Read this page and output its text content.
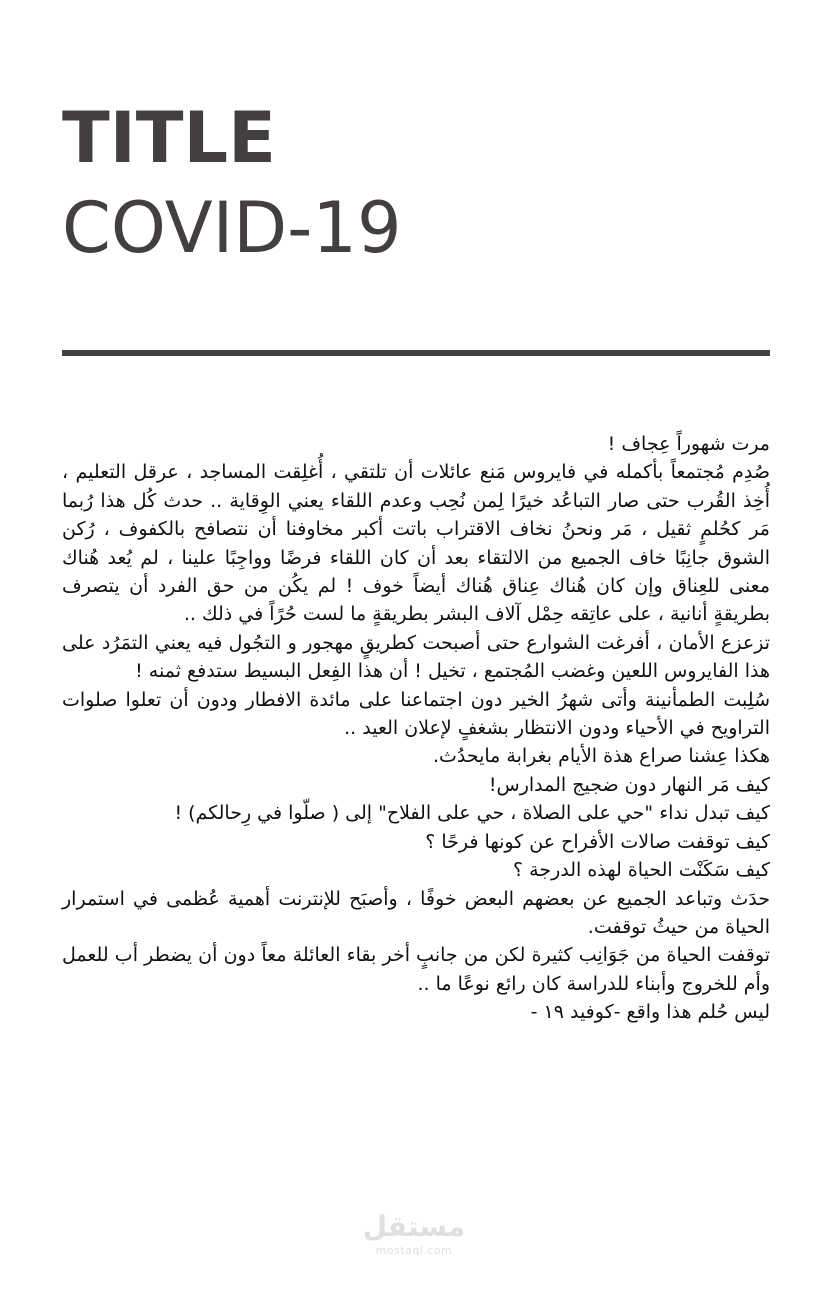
TITLE
COVID-19

مرت شهوراً عِجاف !

صُدِم مُجتمعاً بأكمله في فايروس مَنع عائلات أن تلتقي ، أُغلِقت المساجد ، عرقل التعليم ، أُخِذ القُرب حتى صار التباعُد خيرًا لِمن نُحِب وعدم اللقاء يعني الوِقاية .. حدث كُل هذا رُبما مَر كحُلمٍ ثقيل ، مَر ونحنُ نخاف الاقتراب باتت أكبر مخاوفنا أن نتصافح بالكفوف ، رُكن الشوق جانِبًا خاف الجميع من الالتقاء بعد أن كان اللقاء فرضًا وواجِبًا علينا ، لم يُعد هُناك معنى للعِناق وإن كان هُناك عِناق هُناك أيضاً خوف ! لم يكُن من حق الفرد أن يتصرف بطريقةٍ أنانية ، على عاتِقه حِمْل آلاف البشر بطريقةٍ ما لست حُرًاً في ذلك ..

تزعزع الأمان ، أفرغت الشوارع حتى أصبحت كطريقٍ مهجور و التجُول فيه يعني التمَرُد على هذا الفايروس اللعين وغضب المُجتمع ، تخيل ! أن هذا الفِعل البسيط ستدفع ثمنه !

سُلِبت الطمأنينة وأتى شهرُ الخير دون اجتماعنا على مائدة الافطار ودون أن تعلوا صلوات التراويح في الأحياء ودون الانتظار بشغفٍ لإعلان العيد ..

هكذا عِشنا صراع هذة الأيام بغرابة مايحدُث.

كيف مَر النهار دون ضجيج المدارس!

كيف تبدل نداء "حي على الصلاة ، حي على الفلاح" إلى ( صلّوا في رِحالكم) !

كيف توقفت صالات الأفراح عن كونها فرحًا ؟

كيف سَكَنْت الحياة لهذه الدرجة ؟

حدَث وتباعد الجميع عن بعضهم البعض خوفًا ، وأصبَح للإنترنت أهمية عُظمى في استمرار الحياة من حيثُ توقفت.

توقفت الحياة من جَوَانِب كثيرة لكن من جانبٍ أخر بقاء العائلة معاً دون أن يضطر أب للعمل وأم للخروج وأبناء للدراسة كان رائع نوعًا ما ..

ليس حُلم هذا واقع -كوفيد ١٩ -

مستقل
mostaql.com
